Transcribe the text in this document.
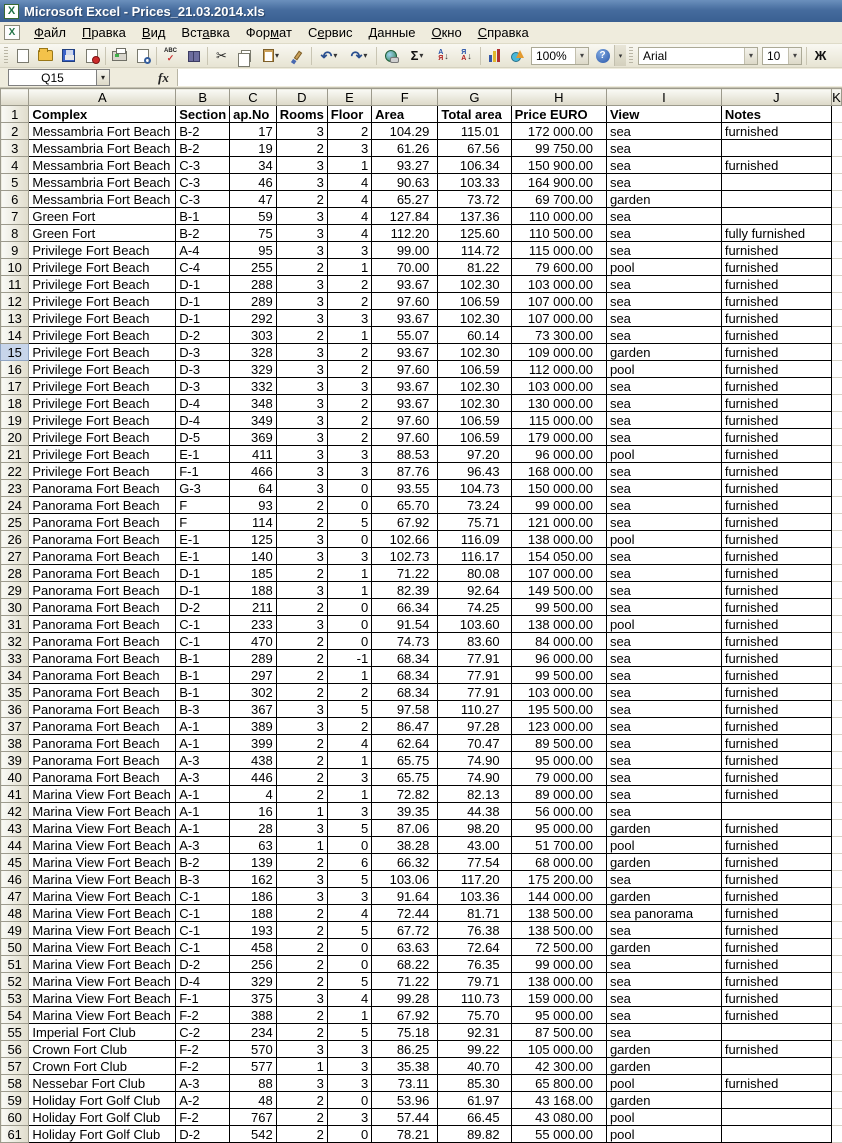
X Microsoft Excel - Prices_21.03.2014.xls
X	Файл	Правка	Вид	Вставка	Формат	Сервис	Данные	Окно	Справка
ABC
✓	✂	▾	↶ ▾ ↷ ▾	Σ ▾ А
Я ↓ Я
А ↓	100%	▾	?	▾ Arial	▾	10	▾	Ж
Q15	▾	fx
	A	B	C	D	E	F	G	H	I	J	K
1	Complex	Section	ap.No	Rooms	Floor	Area	Total area	Price EURO	View	Notes	
2	Messambria Fort Beach	B-2	17	3	2	104.29	115.01	172 000.00	sea	furnished	
3	Messambria Fort Beach	B-2	19	2	3	61.26	67.56	99 750.00	sea		
4	Messambria Fort Beach	C-3	34	3	1	93.27	106.34	150 900.00	sea	furnished	
5	Messambria Fort Beach	C-3	46	3	4	90.63	103.33	164 900.00	sea		
6	Messambria Fort Beach	C-3	47	2	4	65.27	73.72	69 700.00	garden		
7	Green Fort	B-1	59	3	4	127.84	137.36	110 000.00	sea		
8	Green Fort	B-2	75	3	4	112.20	125.60	110 500.00	sea	fully furnished	
9	Privilege Fort Beach	A-4	95	3	3	99.00	114.72	115 000.00	sea	furnished	
10	Privilege Fort Beach	C-4	255	2	1	70.00	81.22	79 600.00	pool	furnished	
11	Privilege Fort Beach	D-1	288	3	2	93.67	102.30	103 000.00	sea	furnished	
12	Privilege Fort Beach	D-1	289	3	2	97.60	106.59	107 000.00	sea	furnished	
13	Privilege Fort Beach	D-1	292	3	3	93.67	102.30	107 000.00	sea	furnished	
14	Privilege Fort Beach	D-2	303	2	1	55.07	60.14	73 300.00	sea	furnished	
15	Privilege Fort Beach	D-3	328	3	2	93.67	102.30	109 000.00	garden	furnished	
16	Privilege Fort Beach	D-3	329	3	2	97.60	106.59	112 000.00	pool	furnished	
17	Privilege Fort Beach	D-3	332	3	3	93.67	102.30	103 000.00	sea	furnished	
18	Privilege Fort Beach	D-4	348	3	2	93.67	102.30	130 000.00	sea	furnished	
19	Privilege Fort Beach	D-4	349	3	2	97.60	106.59	115 000.00	sea	furnished	
20	Privilege Fort Beach	D-5	369	3	2	97.60	106.59	179 000.00	sea	furnished	
21	Privilege Fort Beach	E-1	411	3	3	88.53	97.20	96 000.00	pool	furnished	
22	Privilege Fort Beach	F-1	466	3	3	87.76	96.43	168 000.00	sea	furnished	
23	Panorama Fort Beach	G-3	64	3	0	93.55	104.73	150 000.00	sea	furnished	
24	Panorama Fort Beach	F	93	2	0	65.70	73.24	99 000.00	sea	furnished	
25	Panorama Fort Beach	F	114	2	5	67.92	75.71	121 000.00	sea	furnished	
26	Panorama Fort Beach	E-1	125	3	0	102.66	116.09	138 000.00	pool	furnished	
27	Panorama Fort Beach	E-1	140	3	3	102.73	116.17	154 050.00	sea	furnished	
28	Panorama Fort Beach	D-1	185	2	1	71.22	80.08	107 000.00	sea	furnished	
29	Panorama Fort Beach	D-1	188	3	1	82.39	92.64	149 500.00	sea	furnished	
30	Panorama Fort Beach	D-2	211	2	0	66.34	74.25	99 500.00	sea	furnished	
31	Panorama Fort Beach	C-1	233	3	0	91.54	103.60	138 000.00	pool	furnished	
32	Panorama Fort Beach	C-1	470	2	0	74.73	83.60	84 000.00	sea	furnished	
33	Panorama Fort Beach	B-1	289	2	-1	68.34	77.91	96 000.00	sea	furnished	
34	Panorama Fort Beach	B-1	297	2	1	68.34	77.91	99 500.00	sea	furnished	
35	Panorama Fort Beach	B-1	302	2	2	68.34	77.91	103 000.00	sea	furnished	
36	Panorama Fort Beach	B-3	367	3	5	97.58	110.27	195 500.00	sea	furnished	
37	Panorama Fort Beach	A-1	389	3	2	86.47	97.28	123 000.00	sea	furnished	
38	Panorama Fort Beach	A-1	399	2	4	62.64	70.47	89 500.00	sea	furnished	
39	Panorama Fort Beach	A-3	438	2	1	65.75	74.90	95 000.00	sea	furnished	
40	Panorama Fort Beach	A-3	446	2	3	65.75	74.90	79 000.00	sea	furnished	
41	Marina View Fort Beach	A-1	4	2	1	72.82	82.13	89 000.00	sea	furnished	
42	Marina View Fort Beach	A-1	16	1	3	39.35	44.38	56 000.00	sea		
43	Marina View Fort Beach	A-1	28	3	5	87.06	98.20	95 000.00	garden	furnished	
44	Marina View Fort Beach	A-3	63	1	0	38.28	43.00	51 700.00	pool	furnished	
45	Marina View Fort Beach	B-2	139	2	6	66.32	77.54	68 000.00	garden	furnished	
46	Marina View Fort Beach	B-3	162	3	5	103.06	117.20	175 200.00	sea	furnished	
47	Marina View Fort Beach	C-1	186	3	3	91.64	103.36	144 000.00	garden	furnished	
48	Marina View Fort Beach	C-1	188	2	4	72.44	81.71	138 500.00	sea panorama	furnished	
49	Marina View Fort Beach	C-1	193	2	5	67.72	76.38	138 500.00	sea	furnished	
50	Marina View Fort Beach	C-1	458	2	0	63.63	72.64	72 500.00	garden	furnished	
51	Marina View Fort Beach	D-2	256	2	0	68.22	76.35	99 000.00	sea	furnished	
52	Marina View Fort Beach	D-4	329	2	5	71.22	79.71	138 000.00	sea	furnished	
53	Marina View Fort Beach	F-1	375	3	4	99.28	110.73	159 000.00	sea	furnished	
54	Marina View Fort Beach	F-2	388	2	1	67.92	75.70	95 000.00	sea	furnished	
55	Imperial Fort Club	C-2	234	2	5	75.18	92.31	87 500.00	sea		
56	Crown Fort Club	F-2	570	3	3	86.25	99.22	105 000.00	garden	furnished	
57	Crown Fort Club	F-2	577	1	3	35.38	40.70	42 300.00	garden		
58	Nessebar Fort Club	A-3	88	3	3	73.11	85.30	65 800.00	pool	furnished	
59	Holiday Fort Golf Club	A-2	48	2	0	53.96	61.97	43 168.00	garden		
60	Holiday Fort Golf Club	F-2	767	2	3	57.44	66.45	43 080.00	pool		
61	Holiday Fort Golf Club	D-2	542	2	0	78.21	89.82	55 000.00	pool		
